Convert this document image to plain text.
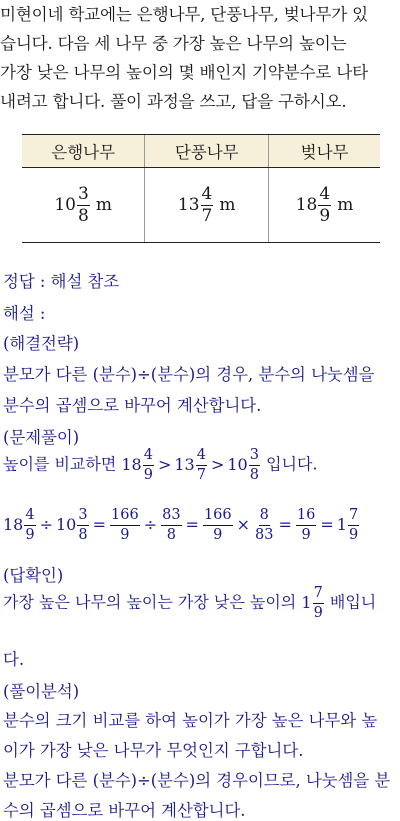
미현이네 학교에는 은행나무, 단풍나무, 벚나무가 있
습니다. 다음 세 나무 중 가장 높은 나무의 높이는
가장 낮은 나무의 높이의 몇 배인지 기약분수로 나타
내려고 합니다. 풀이 과정을 쓰고, 답을 구하시오.
은행나무	단풍나무	벚나무
$10 \frac{3}{8}$ m	$13 \frac{4}{7}$ m	$18 \frac{4}{9}$ m
정답 : 해설 참조
해설 :
(해결전략)
분모가 다른 (분수)÷(분수)의 경우, 분수의 나눗셈을
분수의 곱셈으로 바꾸어 계산합니다.
(문제풀이)
높이를 비교하면 $18 \frac{4}{9} > 13 \frac{4}{7} > 10 \frac{3}{8}$ 입니다.
$18 \frac{4}{9} \div 10 \frac{3}{8} = \frac{166}{9} \div \frac{83}{8} = \frac{166}{9} \times \frac{8}{83} = \frac{16}{9} = 1 \frac{7}{9}$
(답확인)
가장 높은 나무의 높이는 가장 낮은 높이의 $1 \frac{7}{9}$ 배입니
다.
(풀이분석)
분수의 크기 비교를 하여 높이가 가장 높은 나무와 높
이가 가장 낮은 나무가 무엇인지 구합니다.
분모가 다른 (분수)÷(분수)의 경우이므로, 나눗셈을 분
수의 곱셈으로 바꾸어 계산합니다.
